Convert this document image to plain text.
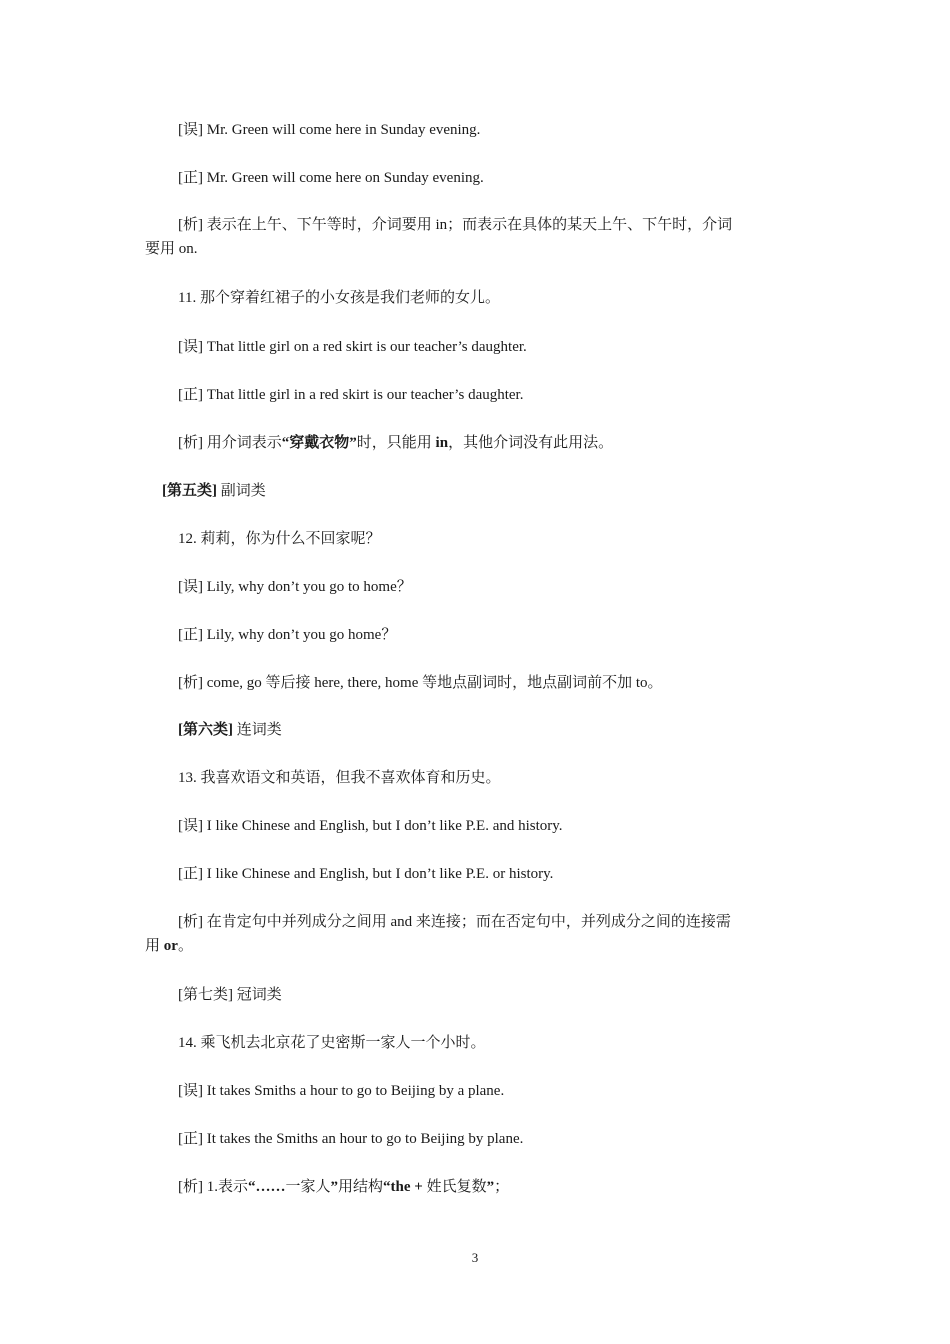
[误] Mr. Green will come here in Sunday evening.
[正] Mr. Green will come here on Sunday evening.
[析] 表示在上午、下午等时，介词要用 in；而表示在具体的某天上午、下午时，介词
要用 on.
11. 那个穿着红裙子的小女孩是我们老师的女儿。
[误] That little girl on a red skirt is our teacher’s daughter.
[正] That little girl in a red skirt is our teacher’s daughter.
[析] 用介词表示“穿戴衣物”时，只能用 in，其他介词没有此用法。
[第五类] 副词类
12. 莉莉，你为什么不回家呢？
[误] Lily, why don’t you go to home？
[正] Lily, why don’t you go home？
[析] come, go 等后接 here, there, home 等地点副词时，地点副词前不加 to。
[第六类] 连词类
13. 我喜欢语文和英语，但我不喜欢体育和历史。
[误] I like Chinese and English, but I don’t like P.E. and history.
[正] I like Chinese and English, but I don’t like P.E. or history.
[析] 在肯定句中并列成分之间用 and 来连接；而在否定句中，并列成分之间的连接需
用 or。
[第七类] 冠词类
14. 乘飞机去北京花了史密斯一家人一个小时。
[误] It takes Smiths a hour to go to Beijing by a plane.
[正] It takes the Smiths an hour to go to Beijing by plane.
[析] 1.表示“……一家人”用结构“the + 姓氏复数”；
3
